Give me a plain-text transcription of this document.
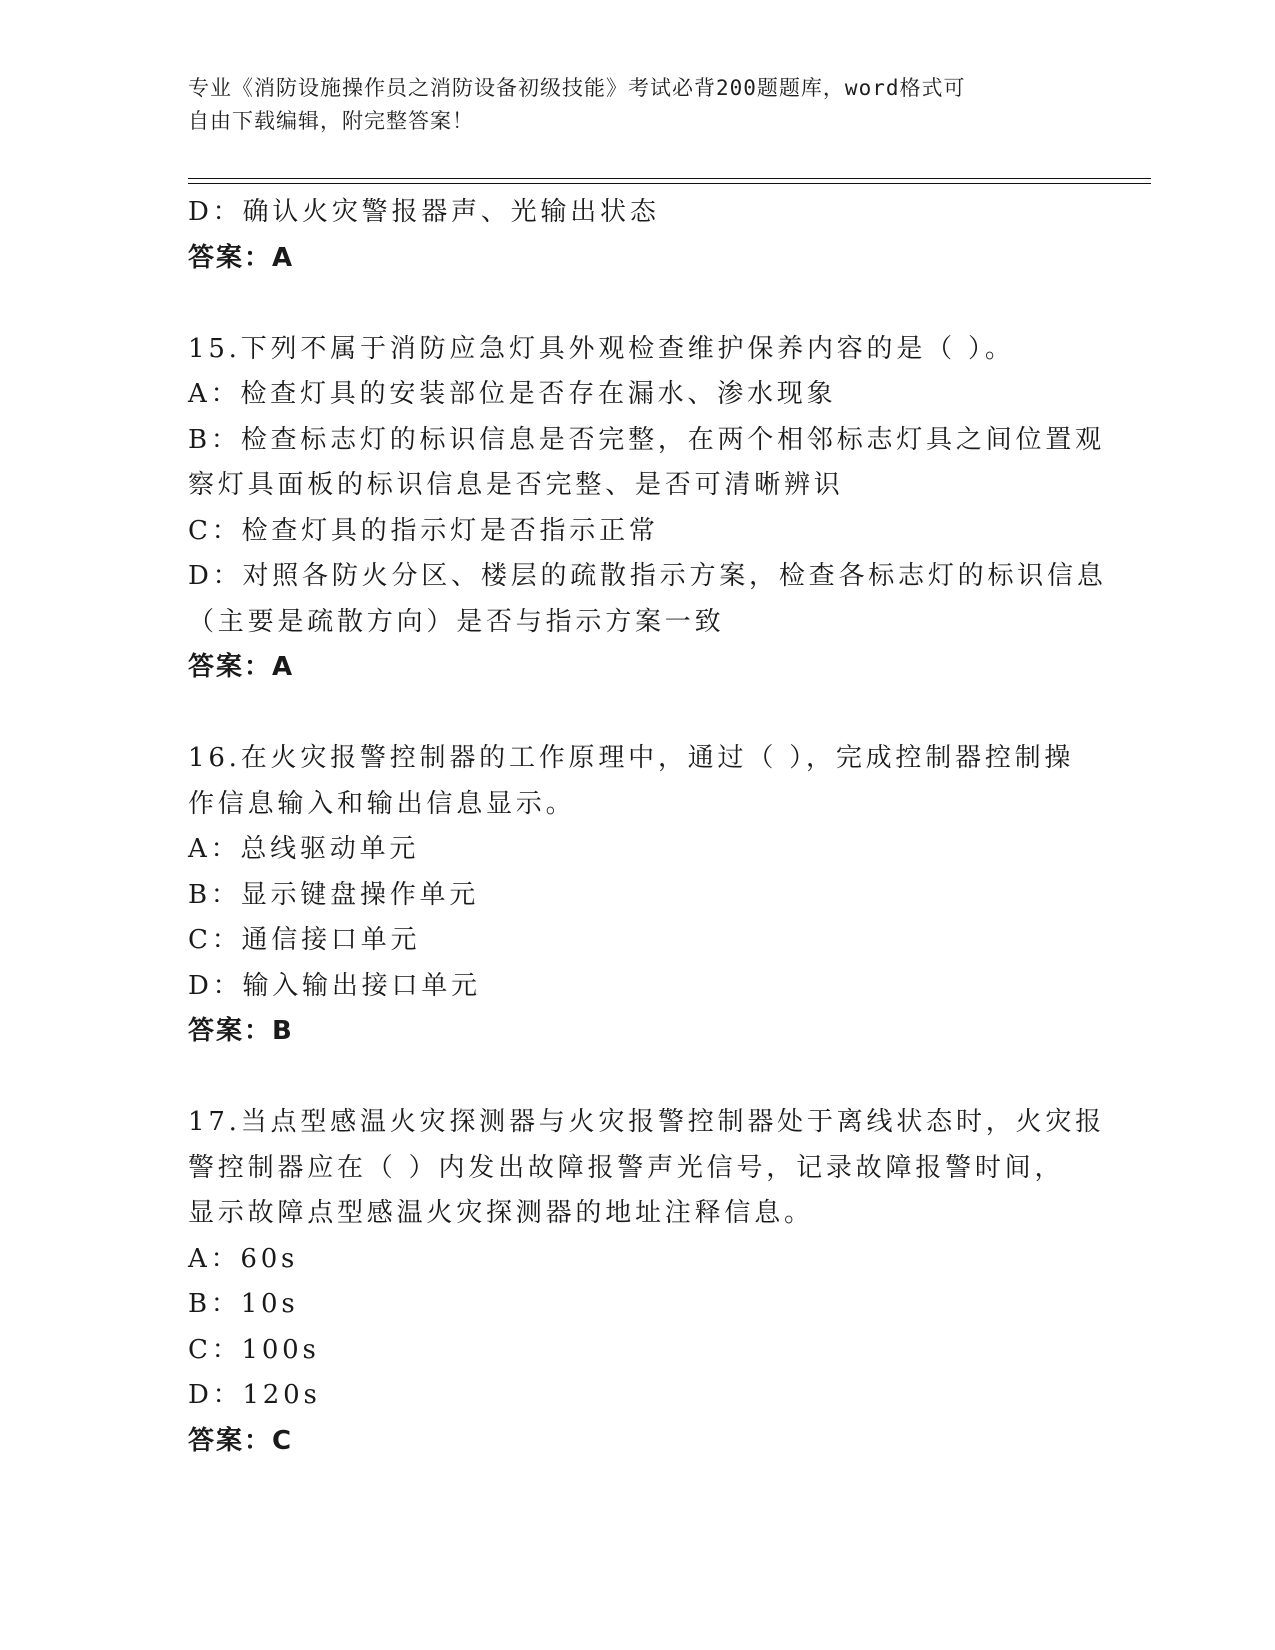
专业《消防设施操作员之消防设备初级技能》考试必背200题题库，word格式可
自由下载编辑，附完整答案！
D：确认火灾警报器声、光输出状态
答案：A
15.下列不属于消防应急灯具外观检查维护保养内容的是（ ）。
A：检查灯具的安装部位是否存在漏水、渗水现象
B：检查标志灯的标识信息是否完整，在两个相邻标志灯具之间位置观
察灯具面板的标识信息是否完整、是否可清晰辨识
C：检查灯具的指示灯是否指示正常
D：对照各防火分区、楼层的疏散指示方案，检查各标志灯的标识信息
（主要是疏散方向）是否与指示方案一致
答案：A
16.在火灾报警控制器的工作原理中，通过（ ），完成控制器控制操
作信息输入和输出信息显示。
A：总线驱动单元
B：显示键盘操作单元
C：通信接口单元
D：输入输出接口单元
答案：B
17.当点型感温火灾探测器与火灾报警控制器处于离线状态时，火灾报
警控制器应在（ ）内发出故障报警声光信号，记录故障报警时间，
显示故障点型感温火灾探测器的地址注释信息。
A：60s
B：10s
C：100s
D：120s
答案：C
